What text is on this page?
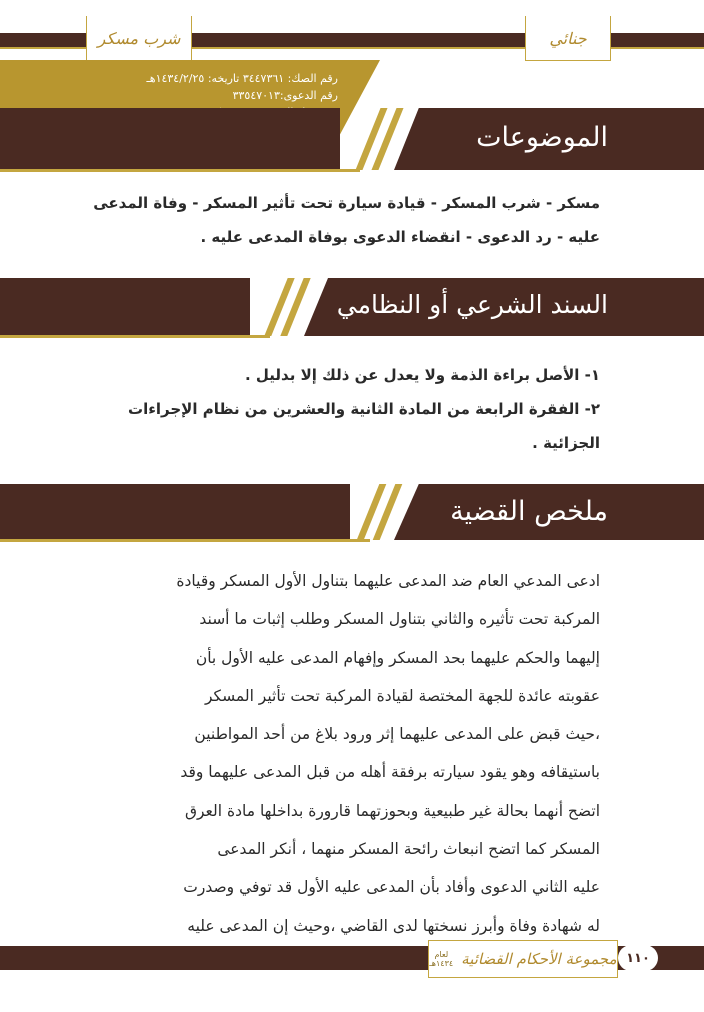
جنائي
شرب مسكر
رقم الصك: ٣٤٤٧٣٦١ تاريخه: ١٤٣٤/٢/٢٥هـ
رقم الدعوى:٣٣٥٤٧٠١٣
الموضوعات
مسكر - شرب المسكر - قيادة سيارة تحت تأثير المسكر - وفاة المدعى
عليه - رد الدعوى - انقضاء الدعوى بوفاة المدعى عليه .
السند الشرعي أو النظامي
١- الأصل براءة الذمة ولا يعدل عن ذلك إلا بدليل .
٢- الفقرة الرابعة من المادة الثانية والعشرين من نظام الإجراءات
الجزائية .
ملخص القضية
ادعى المدعي العام ضد المدعى عليهما بتناول الأول المسكر وقيادة
المركبة تحت تأثيره والثاني بتناول المسكر وطلب إثبات ما أسند
إليهما والحكم عليهما بحد المسكر وإفهام المدعى عليه الأول بأن
عقوبته عائدة للجهة المختصة لقيادة المركبة تحت تأثير المسكر
،حيث قبض على المدعى عليهما إثر ورود بلاغ من أحد المواطنين
باستيقافه وهو يقود سيارته برفقة أهله من قبل المدعى عليهما وقد
اتضح أنهما بحالة غير طبيعية وبحوزتهما قارورة بداخلها مادة العرق
المسكر كما اتضح انبعاث رائحة المسكر منهما ، أنكر المدعى
عليه الثاني الدعوى وأفاد بأن المدعى عليه الأول قد توفي وصدرت
له شهادة وفاة وأبرز نسختها لدى القاضي ،وحيث إن المدعى عليه
مجموعة الأحكام القضائية
لعام
١٤٣٤هـ	١١٠
